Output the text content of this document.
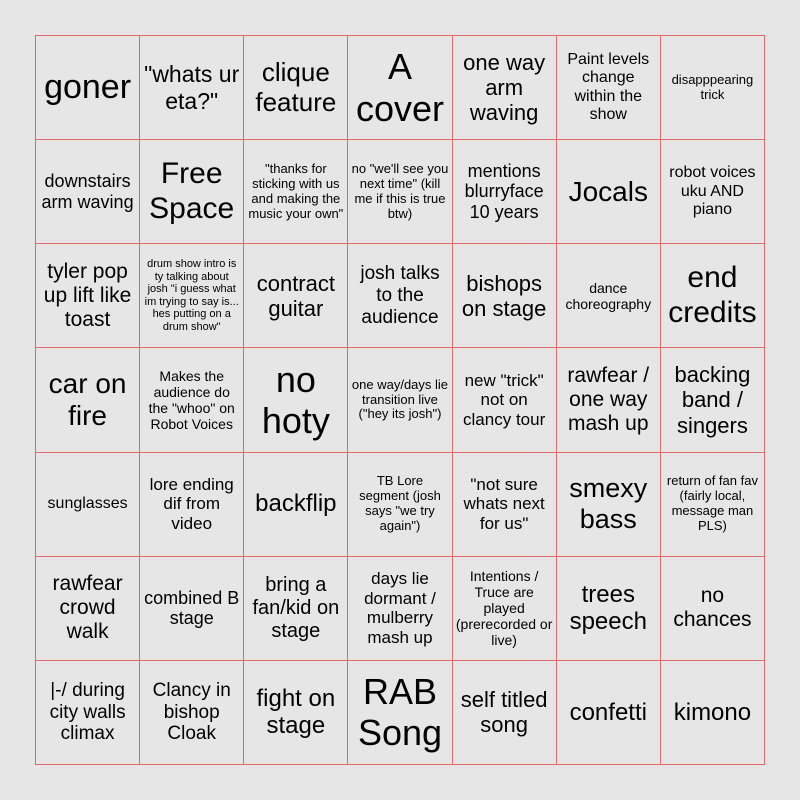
goner "whats ur eta?"
clique feature
A cover
one way arm waving
Paint levels change within the show
disapppearing trick
downstairs arm waving
Free Space
"thanks for sticking with us and making the music your own"
no "we'll see you next time" (kill me if this is true btw)
mentions blurryface 10 years
Jocals
robot voices uku AND piano
tyler pop up lift like toast
drum show intro is ty talking about josh "i guess what im trying to say is... hes putting on a drum show"
contract guitar
josh talks to the audience
bishops on stage
dance choreography
end credits
car on fire
Makes the audience do the "whoo" on Robot Voices
no hoty
one way/days lie transition live ("hey its josh")
new "trick" not on clancy tour
rawfear / one way mash up
backing band / singers
sunglasses
lore ending dif from video
backflip
TB Lore segment (josh says "we try again")
"not sure whats next for us"
smexy bass
return of fan fav (fairly local, message man PLS)
rawfear crowd walk
combined B stage
bring a fan/kid on stage
days lie dormant / mulberry mash up
Intentions / Truce are played (prerecorded or live)
trees speech
no chances
|-/ during city walls climax
Clancy in bishop Cloak
fight on stage
RAB Song
self titled song	confetti	kimono
